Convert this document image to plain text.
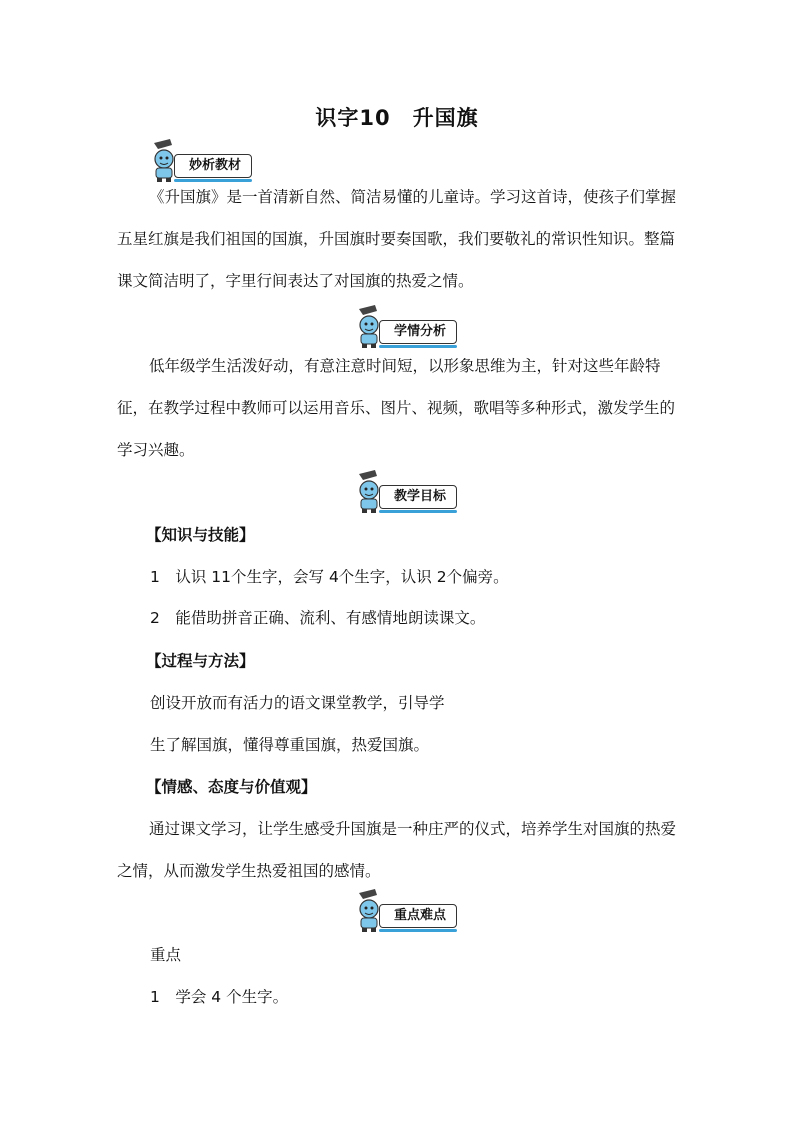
识字10　升国旗
妙析教材

《升国旗》是一首清新自然、简洁易懂的儿童诗。学习这首诗，使孩子们掌握五星红旗是我们祖国的国旗，升国旗时要奏国歌，我们要敬礼的常识性知识。整篇课文简洁明了，字里行间表达了对国旗的热爱之情。

学情分析

低年级学生活泼好动，有意注意时间短，以形象思维为主，针对这些年龄特征，在教学过程中教师可以运用音乐、图片、视频，歌唱等多种形式，激发学生的学习兴趣。

教学目标
【知识与技能】
1　认识 11个生字，会写 4个生字，认识 2个偏旁。
2　能借助拼音正确、流利、有感情地朗读课文。
【过程与方法】
创设开放而有活力的语文课堂教学，引导学
生了解国旗，懂得尊重国旗，热爱国旗。
【情感、态度与价值观】

通过课文学习，让学生感受升国旗是一种庄严的仪式，培养学生对国旗的热爱之情，从而激发学生热爱祖国的感情。

重点难点
重点
1　学会 4 个生字。
